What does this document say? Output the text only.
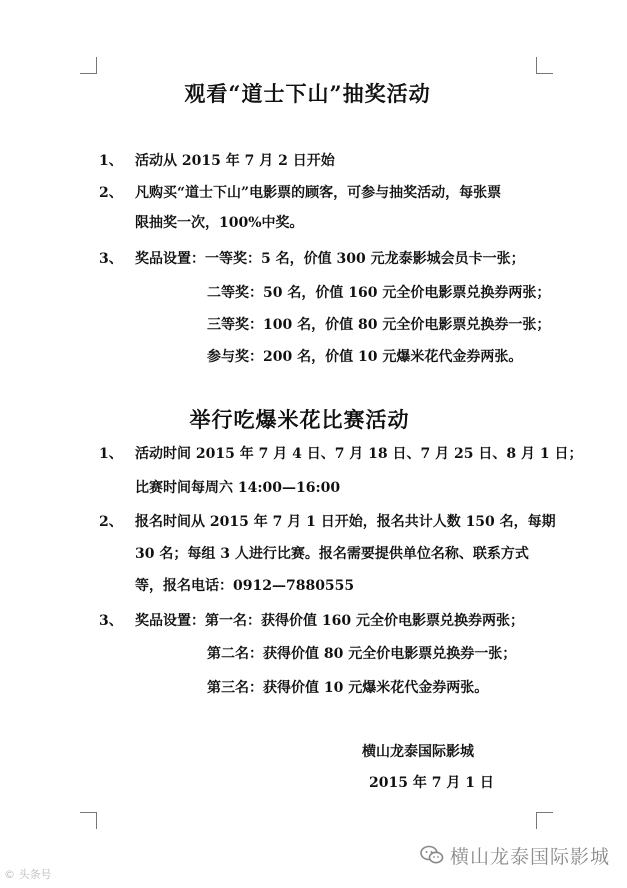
观看“道士下山”抽奖活动
1、 活动从 2015 年 7 月 2 日开始
2、 凡购买“道士下山”电影票的顾客，可参与抽奖活动，每张票
限抽奖一次，100%中奖。
3、 奖品设置：一等奖：5 名，价值 300 元龙泰影城会员卡一张；
二等奖：50 名，价值 160 元全价电影票兑换券两张；
三等奖：100 名，价值 80 元全价电影票兑换券一张；
参与奖：200 名，价值 10 元爆米花代金券两张。
举行吃爆米花比赛活动
1、 活动时间 2015 年 7 月 4 日、7 月 18 日、7 月 25 日、8 月 1 日；
比赛时间每周六 14:00—16:00
2、 报名时间从 2015 年 7 月 1 日开始，报名共计人数 150 名，每期
30 名；每组 3 人进行比赛。报名需要提供单位名称、联系方式
等，报名电话：0912—7880555
3、 奖品设置：第一名：获得价值 160 元全价电影票兑换券两张；
第二名：获得价值 80 元全价电影票兑换券一张；
第三名：获得价值 10 元爆米花代金券两张。
横山龙泰国际影城
2015 年 7 月 1 日
© 头条号
横山龙泰国际影城
